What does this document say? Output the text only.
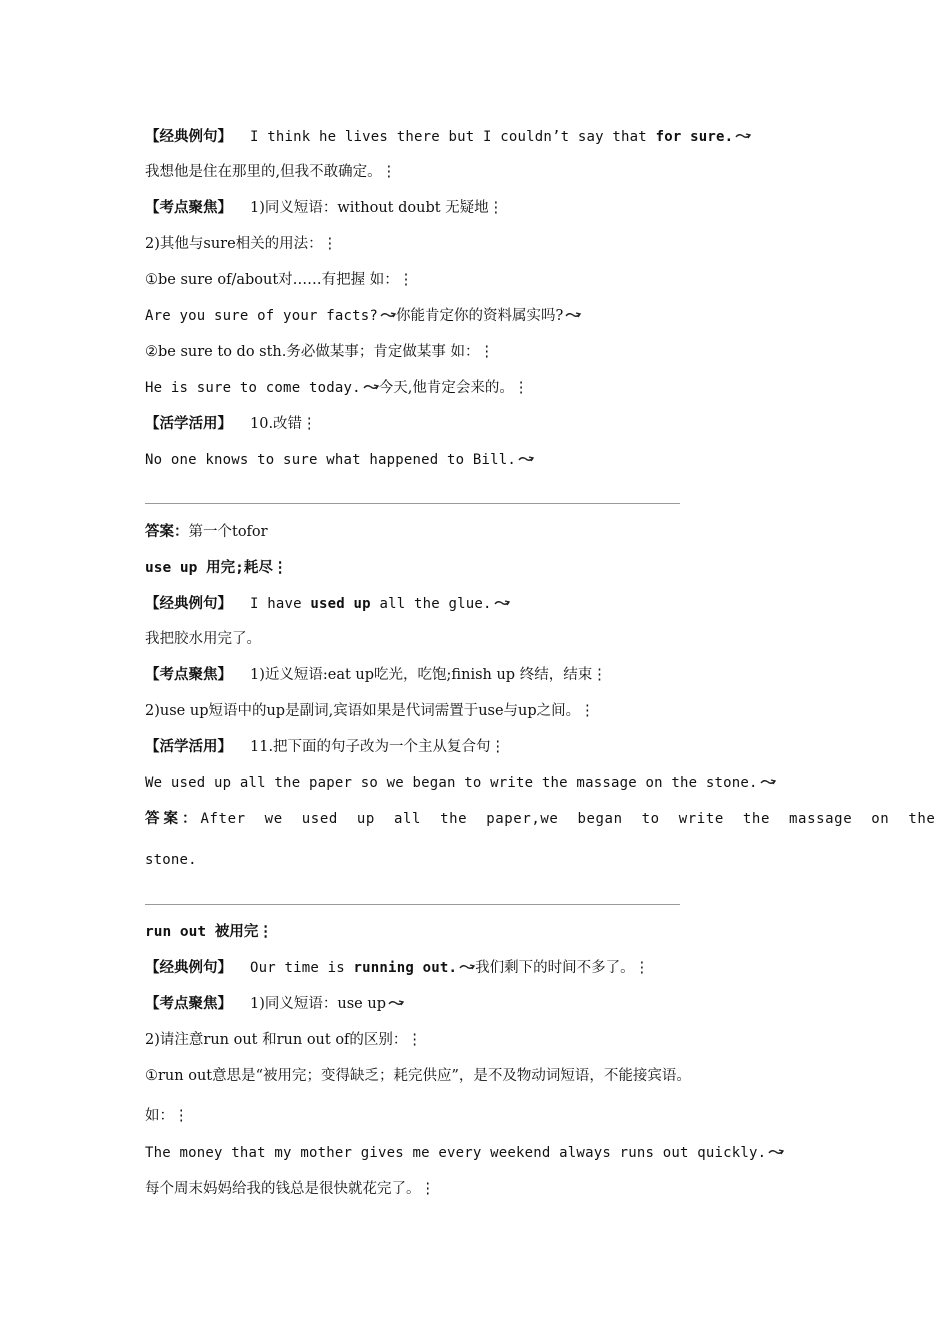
【经典例句】 I think he lives there but I couldn’t say that for sure.
我想他是住在那里的,但我不敢确定。⋮
【考点聚焦】 1)同义短语：without doubt 无疑地⋮
2)其他与sure相关的用法：⋮
①be sure of/about对……有把握 如：⋮
Are you sure of your facts? 你能肯定你的资料属实吗?
②be sure to do sth.务必做某事；肯定做某事 如：⋮
He is sure to come today. 今天,他肯定会来的。⋮
【活学活用】 10.改错⋮
No one knows to sure what happened to Bill.
答案：第一个tofor
use up 用完;耗尽⋮
【经典例句】 I have used up all the glue.
我把胶水用完了。
【考点聚焦】 1)近义短语:eat up吃光，吃饱;finish up 终结，结束⋮
2)use up短语中的up是副词,宾语如果是代词需置于use与up之间。⋮
【活学活用】 11.把下面的句子改为一个主从复合句⋮
We used up all the paper so we began to write the massage on the stone.
答案： After we used up all the paper,we began to write the massage on the
stone.
run out 被用完⋮
【经典例句】 Our time is running out. 我们剩下的时间不多了。⋮
【考点聚焦】 1)同义短语：use up
2)请注意run out 和run out of的区别：⋮
①run out意思是“被用完；变得缺乏；耗完供应”，是不及物动词短语，不能接宾语。
如：⋮
The money that my mother gives me every weekend always runs out quickly.
每个周末妈妈给我的钱总是很快就花完了。⋮
